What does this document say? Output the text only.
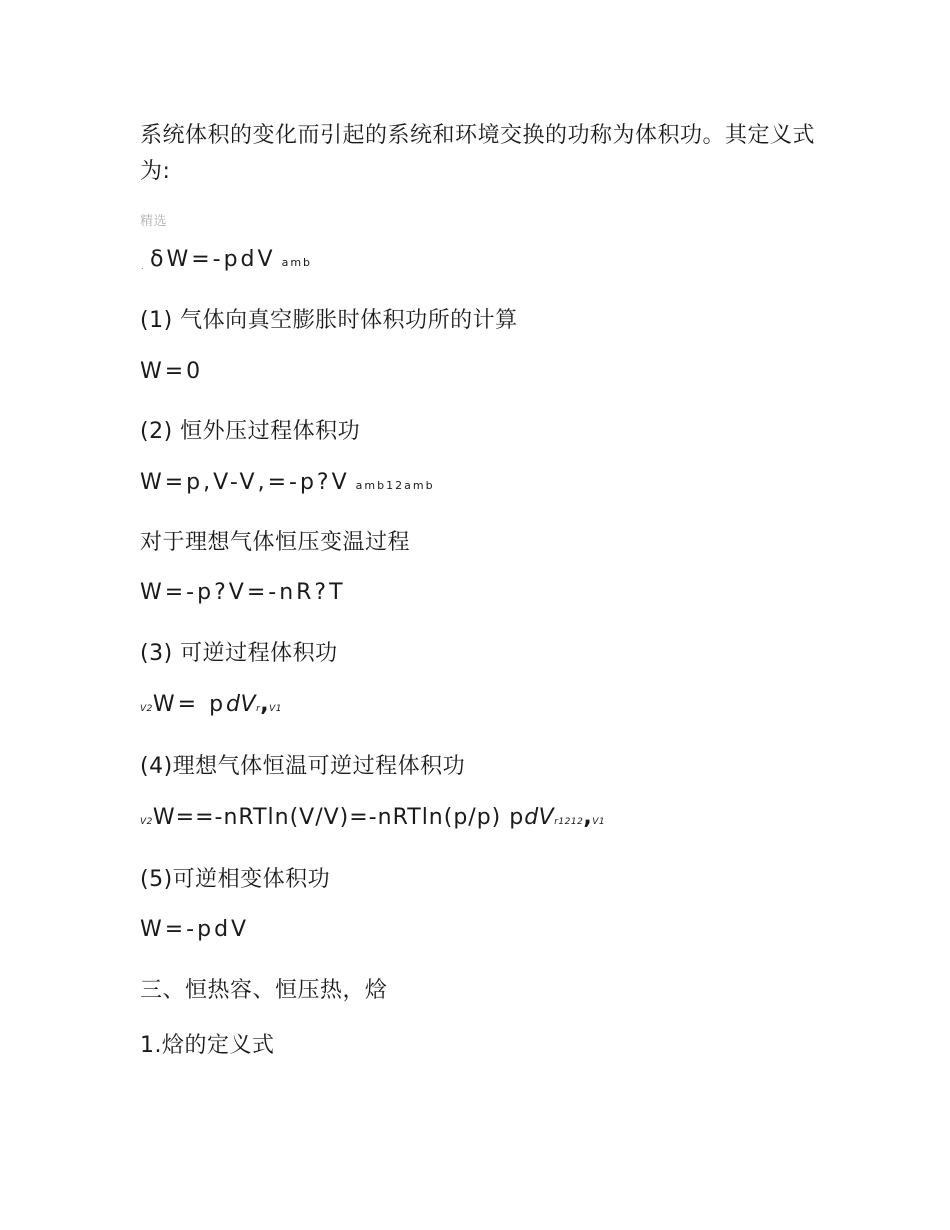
系统体积的变化而引起的系统和环境交换的功称为体积功。其定义式为:
精选
. δW=-pdV amb
(1) 气体向真空膨胀时体积功所的计算
W=0
(2) 恒外压过程体积功
W=p,V-V,=-p?V amb12amb
对于理想气体恒压变温过程
W=-p?V=-nR?T
(3) 可逆过程体积功
V2W= pdVr,V1
(4)理想气体恒温可逆过程体积功
V2W==-nRTln(V/V)=-nRTln(p/p) pdVr1212,V1
(5)可逆相变体积功
W=-pdV
三、恒热容、恒压热，焓
1.焓的定义式
